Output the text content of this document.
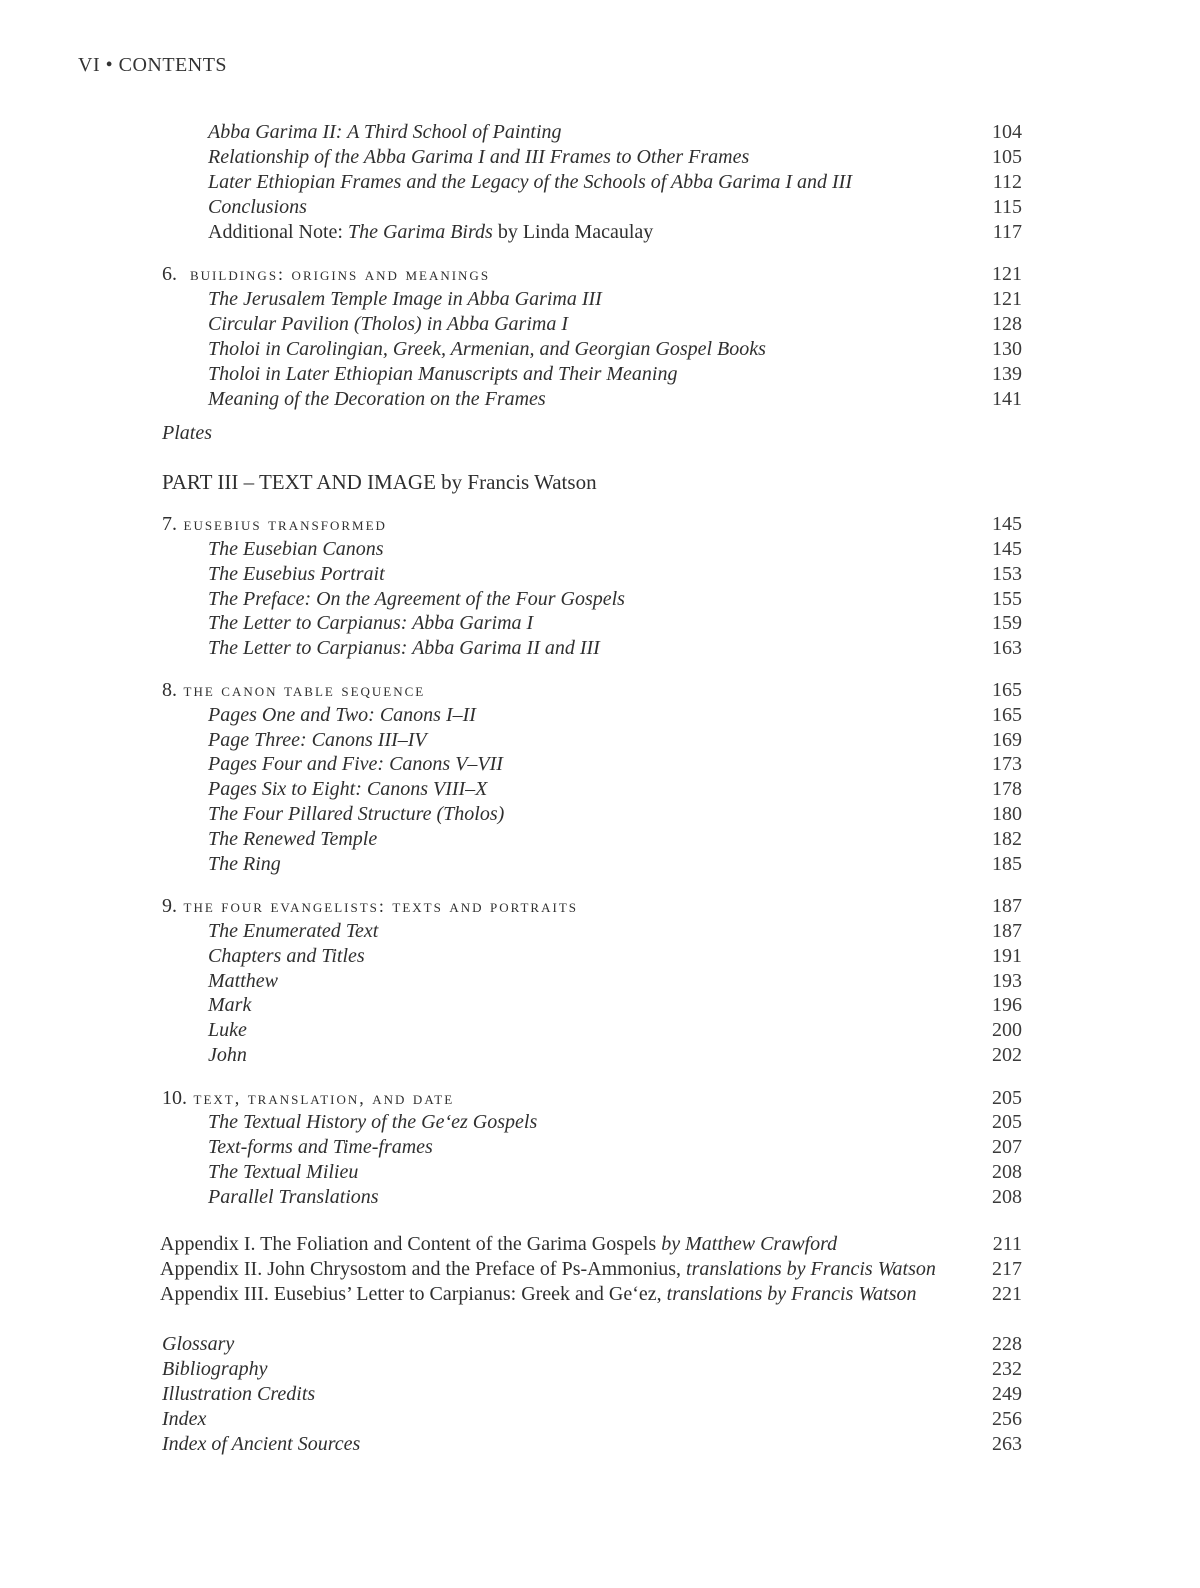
VI • CONTENTS
Abba Garima II: A Third School of Painting	104
Relationship of the Abba Garima I and III Frames to Other Frames	105
Later Ethiopian Frames and the Legacy of the Schools of Abba Garima I and III	112
Conclusions	115
Additional Note: The Garima Birds by Linda Macaulay	117
6. buildings: origins and meanings	121
The Jerusalem Temple Image in Abba Garima III	121
Circular Pavilion (Tholos) in Abba Garima I	128
Tholoi in Carolingian, Greek, Armenian, and Georgian Gospel Books	130
Tholoi in Later Ethiopian Manuscripts and Their Meaning	139
Meaning of the Decoration on the Frames	141
Plates
PART III – TEXT AND IMAGE by Francis Watson
7. eusebius transformed	145
The Eusebian Canons	145
The Eusebius Portrait	153
The Preface: On the Agreement of the Four Gospels	155
The Letter to Carpianus: Abba Garima I	159
The Letter to Carpianus: Abba Garima II and III	163
8. the canon table sequence	165
Pages One and Two: Canons I–II	165
Page Three: Canons III–IV	169
Pages Four and Five: Canons V–VII	173
Pages Six to Eight: Canons VIII–X	178
The Four Pillared Structure (Tholos)	180
The Renewed Temple	182
The Ring	185
9. the four evangelists: texts and portraits	187
The Enumerated Text	187
Chapters and Titles	191
Matthew	193
Mark	196
Luke	200
John	202
10. text, translation, and date	205
The Textual History of the Ge‘ez Gospels	205
Text-forms and Time-frames	207
The Textual Milieu	208
Parallel Translations	208
Appendix I. The Foliation and Content of the Garima Gospels by Matthew Crawford	211
Appendix II. John Chrysostom and the Preface of Ps-Ammonius, translations by Francis Watson	217
Appendix III. Eusebius’ Letter to Carpianus: Greek and Ge‘ez, translations by Francis Watson	221
Glossary	228
Bibliography	232
Illustration Credits	249
Index	256
Index of Ancient Sources	263
